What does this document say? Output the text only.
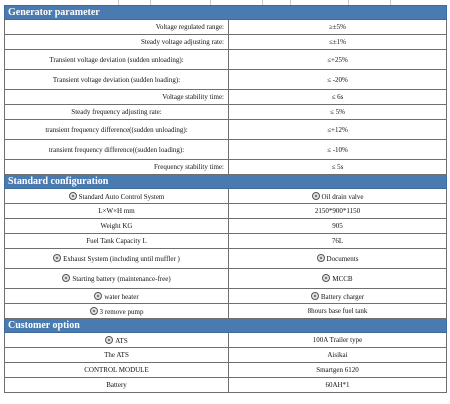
Generator parameter	
Voltage regulated range:	≥±5%
Steady voltage adjusting rate:	≤±1%
Transient voltage deviation (sudden unloading):	≤+25%
Transient voltage deviation (sudden loading):	≤ -20%
Voltage stability time:	≤ 6s
Steady frequency adjusting rate:	≤ 5%
transient frequency difference((sudden unloading):	≤+12%
transient frequency difference((sudden loading):	≤ -10%
Frequency stability time:	≤ 5s
Standard configuration	
Standard Auto Control System	Oil drain valve
L×W×H mm	2150*900*1150
Weight KG	905
Fuel Tank Capacity L	76L
Exhaust System (including until muffler )	Documents
Starting battery (maintenance-free)	MCCB
water heater	Battery charger
3 remove pump	8hours base fuel tank
Customer option	
ATS	100A Trailer type
The ATS	Aisikai
CONTROL MODULE	Smartgen 6120
Battery	60AH*1
